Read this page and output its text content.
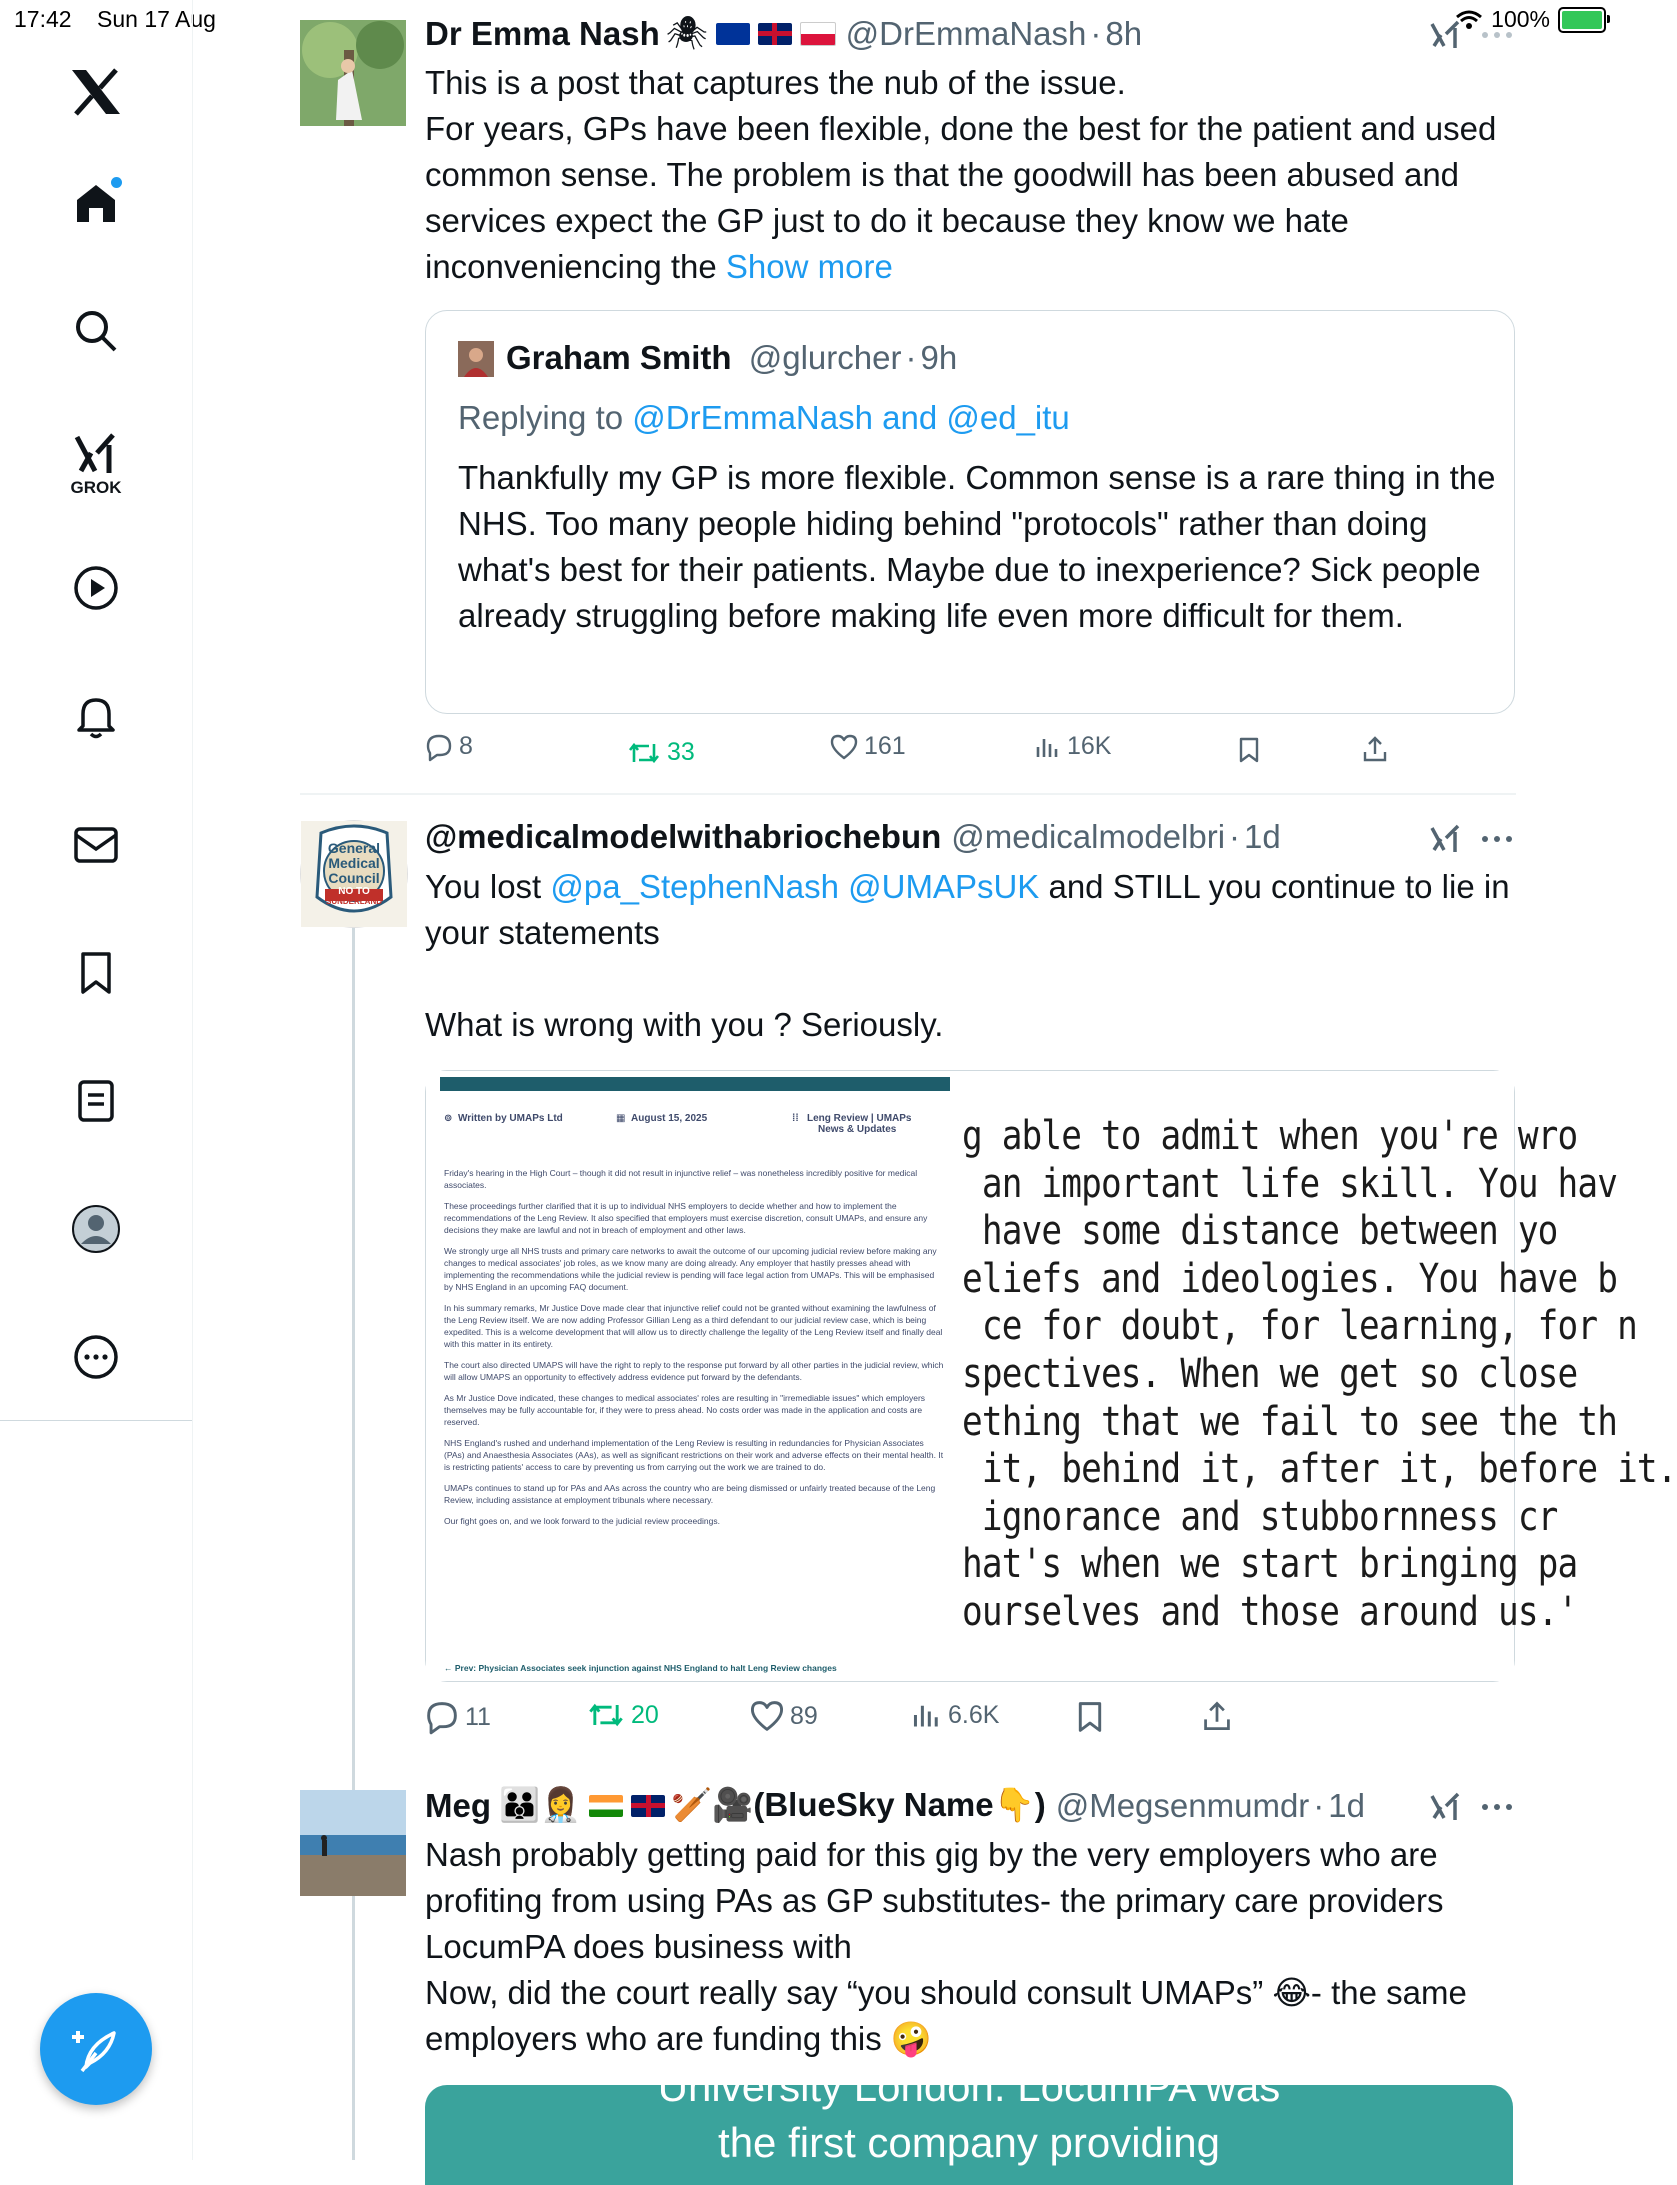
17:42 Sun 17 Aug	100%
GROK
Dr Emma Nash 🕷	@DrEmmaNash · 8h
This is a post that captures the nub of the issue.
For years, GPs have been flexible, done the best for the patient and used common sense. The problem is that the goodwill has been abused and services expect the GP just to do it because they know we hate inconveniencing the Show more
Graham Smith @glurcher · 9h
Replying to @DrEmmaNash and @ed_itu
Thankfully my GP is more flexible. Common sense is a rare thing in the NHS. Too many people hiding behind "protocols" rather than doing what's best for their patients. Maybe due to inexperience? Sick people already struggling before making life even more difficult for them.
8	33	161	16K
General
Medical
Council
NO TO
SUNDERLAND
@medicalmodelwithabriochebun @medicalmodelbri · 1d
You lost @pa_StephenNash @UMAPsUK and STILL you continue to lie in your statements

What is wrong with you ? Seriously.
⊚  Written by UMAPs Ltd	▦  August 15, 2025	⁞⁞   Leng Review | UMAPs
News & Updates

Friday's hearing in the High Court – though it did not result in injunctive relief – was nonetheless incredibly positive for medical associates.

These proceedings further clarified that it is up to individual NHS employers to decide whether and how to implement the recommendations of the Leng Review. It also specified that employers must exercise discretion, consult UMAPs, and ensure any decisions they make are lawful and not in breach of employment and other laws.

We strongly urge all NHS trusts and primary care networks to await the outcome of our upcoming judicial review before making any changes to medical associates' job roles, as we know many are doing already. Any employer that hastily presses ahead with implementing the recommendations while the judicial review is pending will face legal action from UMAPs. This will be emphasised by NHS England in an upcoming FAQ document.

In his summary remarks, Mr Justice Dove made clear that injunctive relief could not be granted without examining the lawfulness of the Leng Review itself. We are now adding Professor Gillian Leng as a third defendant to our judicial review case, which is being expedited. This is a welcome development that will allow us to directly challenge the legality of the Leng Review itself and finally deal with this matter in its entirety.

The court also directed UMAPS will have the right to reply to the response put forward by all other parties in the judicial review, which will allow UMAPS an opportunity to effectively address evidence put forward by the defendants.

As Mr Justice Dove indicated, these changes to medical associates' roles are resulting in "irremediable issues" which employers themselves may be fully accountable for, if they were to press ahead. No costs order was made in the application and costs are reserved.

NHS England's rushed and underhand implementation of the Leng Review is resulting in redundancies for Physician Associates (PAs) and Anaesthesia Associates (AAs), as well as significant restrictions on their work and adverse effects on their mental health. It is restricting patients' access to care by preventing us from carrying out the work we are trained to do.

UMAPs continues to stand up for PAs and AAs across the country who are being dismissed or unfairly treated because of the Leng Review, including assistance at employment tribunals where necessary.

Our fight goes on, and we look forward to the judicial review proceedings.

← Prev: Physician Associates seek injunction against NHS England to halt Leng Review changes
g able to admit when you're wro
an important life skill. You hav
have some distance between yo
eliefs and ideologies. You have b
ce for doubt, for learning, for n
spectives. When we get so close
ething that we fail to see the th
it, behind it, after it, before it.
ignorance and stubbornness cr
hat's when we start bringing pa
ourselves and those around us.'
11	20	89	6.6K
Meg 👪👩‍⚕️	🏏🎥(BlueSky Name👇) @Megsenmumdr · 1d
Nash probably getting paid for this gig by the very employers who are profiting from using PAs as GP substitutes- the primary care providers LocumPA does business with
Now, did the court really say “you should consult UMAPs” 😂- the same employers who are funding this 🤪
University London. LocumPA was
the first company providing
